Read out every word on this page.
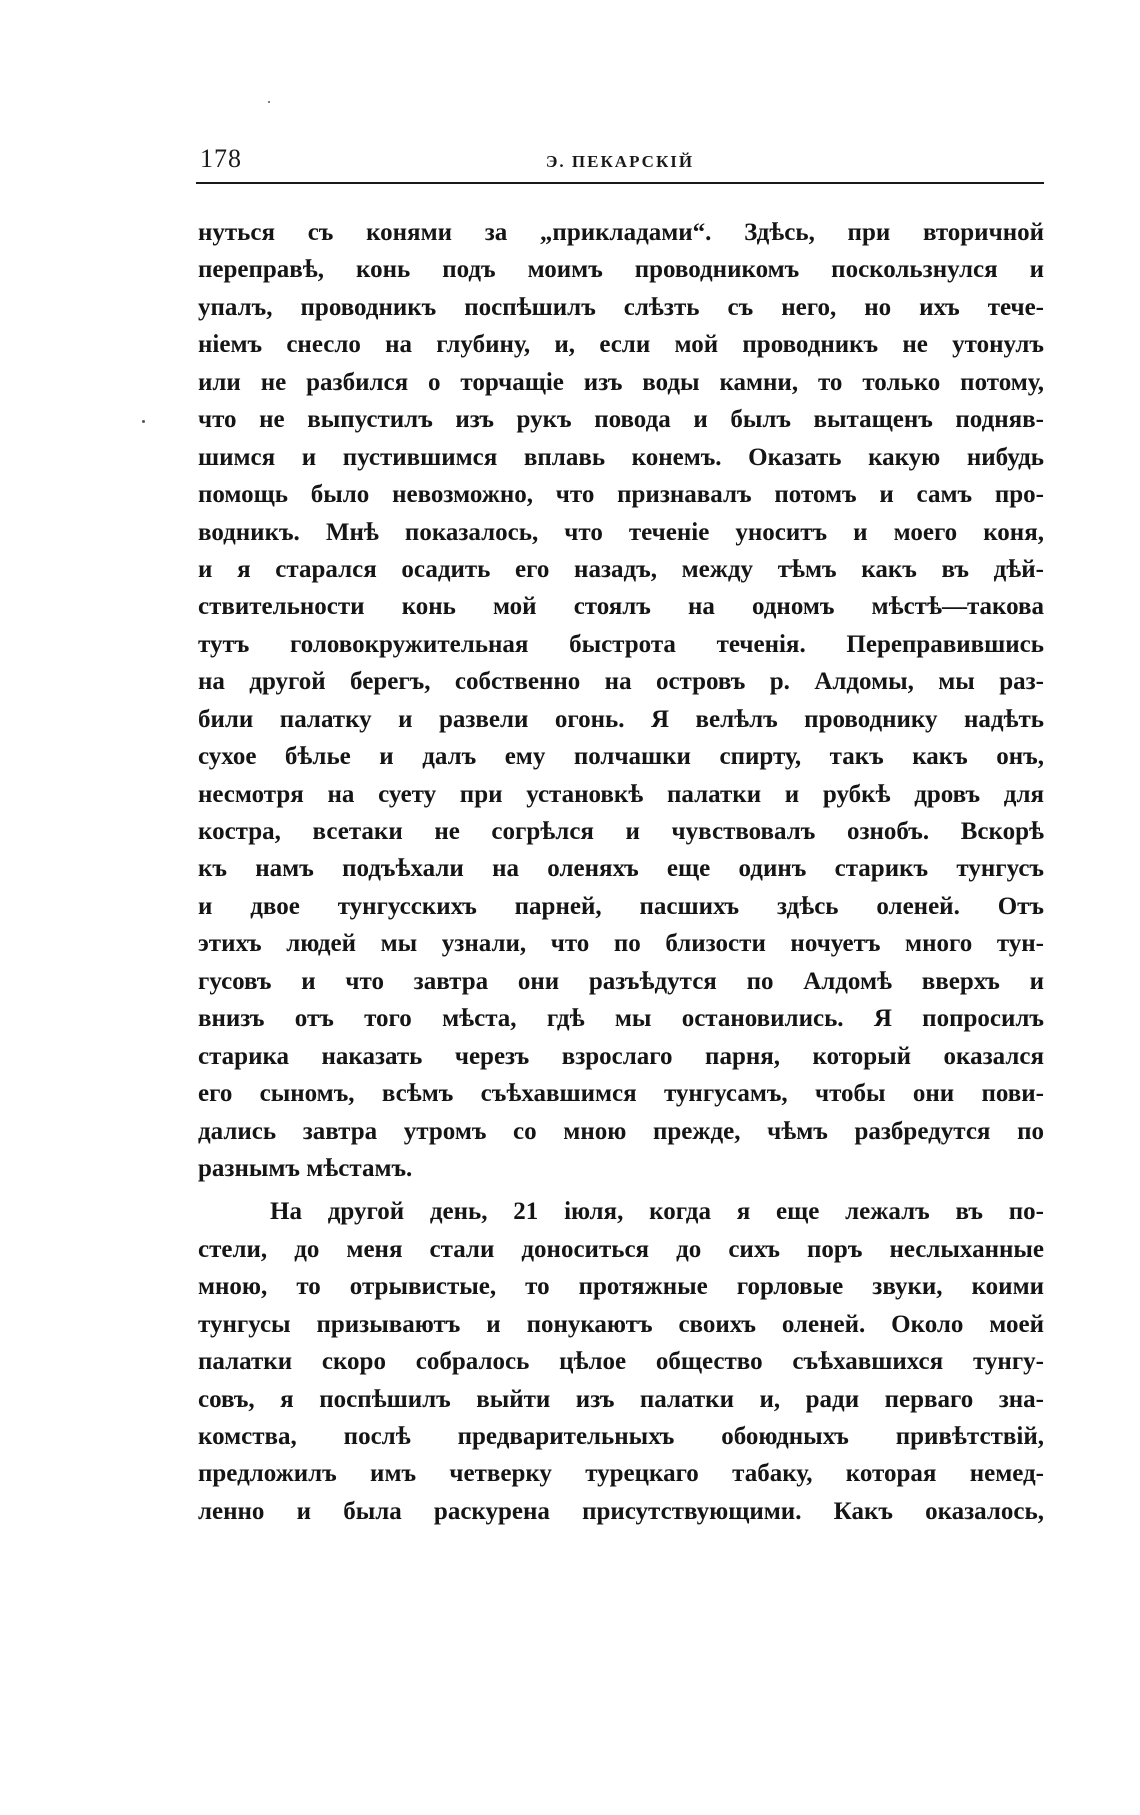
178	Э. ПЕКАРСКІЙ
нуться съ конями за „прикладами“. Здѣсь, при вторичной
переправѣ, конь подъ моимъ проводникомъ поскользнулся и
упалъ, проводникъ поспѣшилъ слѣзть съ него, но ихъ тече-
ніемъ снесло на глубину, и, если мой проводникъ не утонулъ
или не разбился о торчащіе изъ воды камни, то только потому,
что не выпустилъ изъ рукъ повода и былъ вытащенъ подняв-
шимся и пустившимся вплавь конемъ. Оказать какую нибудь
помощь было невозможно, что признавалъ потомъ и самъ про-
водникъ. Мнѣ показалось, что теченіе уноситъ и моего коня,
и я старался осадить его назадъ, между тѣмъ какъ въ дѣй-
ствительности конь мой стоялъ на одномъ мѣстѣ—такова
тутъ головокружительная быстрота теченія. Переправившись
на другой берегъ, собственно на островъ р. Алдомы, мы раз-
били палатку и развели огонь. Я велѣлъ проводнику надѣть
сухое бѣлье и далъ ему полчашки спирту, такъ какъ онъ,
несмотря на суету при установкѣ палатки и рубкѣ дровъ для
костра, всетаки не согрѣлся и чувствовалъ ознобъ. Вскорѣ
къ намъ подъѣхали на оленяхъ еще одинъ старикъ тунгусъ
и двое тунгусскихъ парней, пасшихъ здѣсь оленей. Отъ
этихъ людей мы узнали, что по близости ночуетъ много тун-
гусовъ и что завтра они разъѣдутся по Алдомѣ вверхъ и
внизъ отъ того мѣста, гдѣ мы остановились. Я попросилъ
старика наказать черезъ взрослаго парня, который оказался
его сыномъ, всѣмъ съѣхавшимся тунгусамъ, чтобы они пови-
дались завтра утромъ со мною прежде, чѣмъ разбредутся по
разнымъ мѣстамъ.
На другой день, 21 іюля, когда я еще лежалъ въ по-
стели, до меня стали доноситься до сихъ поръ неслыханные
мною, то отрывистые, то протяжные горловые звуки, коими
тунгусы призываютъ и понукаютъ своихъ оленей. Около моей
палатки скоро собралось цѣлое общество съѣхавшихся тунгу-
совъ, я поспѣшилъ выйти изъ палатки и, ради перваго зна-
комства, послѣ предварительныхъ обоюдныхъ привѣтствій,
предложилъ имъ четверку турецкаго табаку, которая немед-
ленно и была раскурена присутствующими. Какъ оказалось,
